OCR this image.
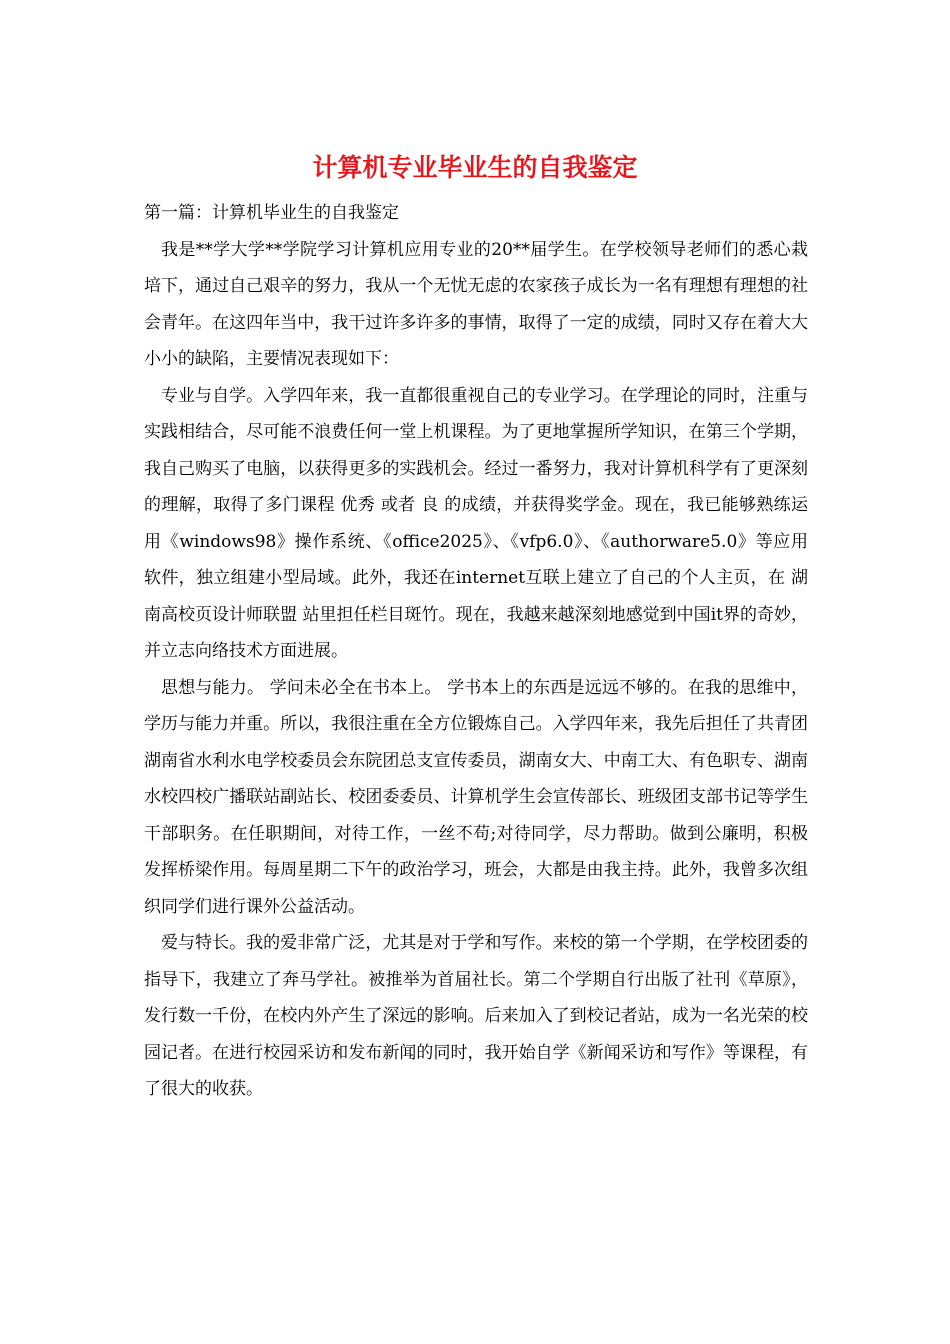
计算机专业毕业生的自我鉴定

第一篇：计算机毕业生的自我鉴定

我是**学大学**学院学习计算机应用专业的20**届学生。在学校领导老师们的悉心栽培下，通过自己艰辛的努力，我从一个无忧无虑的农家孩子成长为一名有理想有理想的社会青年。在这四年当中，我干过许多许多的事情，取得了一定的成绩，同时又存在着大大小小的缺陷，主要情况表现如下：

专业与自学。入学四年来，我一直都很重视自己的专业学习。在学理论的同时，注重与实践相结合，尽可能不浪费任何一堂上机课程。为了更地掌握所学知识，在第三个学期，我自己购买了电脑，以获得更多的实践机会。经过一番努力，我对计算机科学有了更深刻的理解，取得了多门课程 优秀 或者 良 的成绩，并获得奖学金。现在，我已能够熟练运用《windows98》操作系统、《office2025》、《vfp6.0》、《authorware5.0》等应用软件，独立组建小型局域。此外，我还在internet互联上建立了自己的个人主页，在 湖南高校页设计师联盟 站里担任栏目斑竹。现在，我越来越深刻地感觉到中国it界的奇妙，并立志向络技术方面进展。

思想与能力。 学问未必全在书本上。 学书本上的东西是远远不够的。在我的思维中，学历与能力并重。所以，我很注重在全方位锻炼自己。入学四年来，我先后担任了共青团湖南省水利水电学校委员会东院团总支宣传委员，湖南女大、中南工大、有色职专、湖南水校四校广播联站副站长、校团委委员、计算机学生会宣传部长、班级团支部书记等学生干部职务。在任职期间，对待工作，一丝不苟;对待同学，尽力帮助。做到公廉明，积极发挥桥梁作用。每周星期二下午的政治学习，班会，大都是由我主持。此外，我曾多次组织同学们进行课外公益活动。

爱与特长。我的爱非常广泛，尤其是对于学和写作。来校的第一个学期，在学校团委的指导下，我建立了奔马学社。被推举为首届社长。第二个学期自行出版了社刊《草原》，发行数一千份，在校内外产生了深远的影响。后来加入了到校记者站，成为一名光荣的校园记者。在进行校园采访和发布新闻的同时，我开始自学《新闻采访和写作》等课程，有了很大的收获。
